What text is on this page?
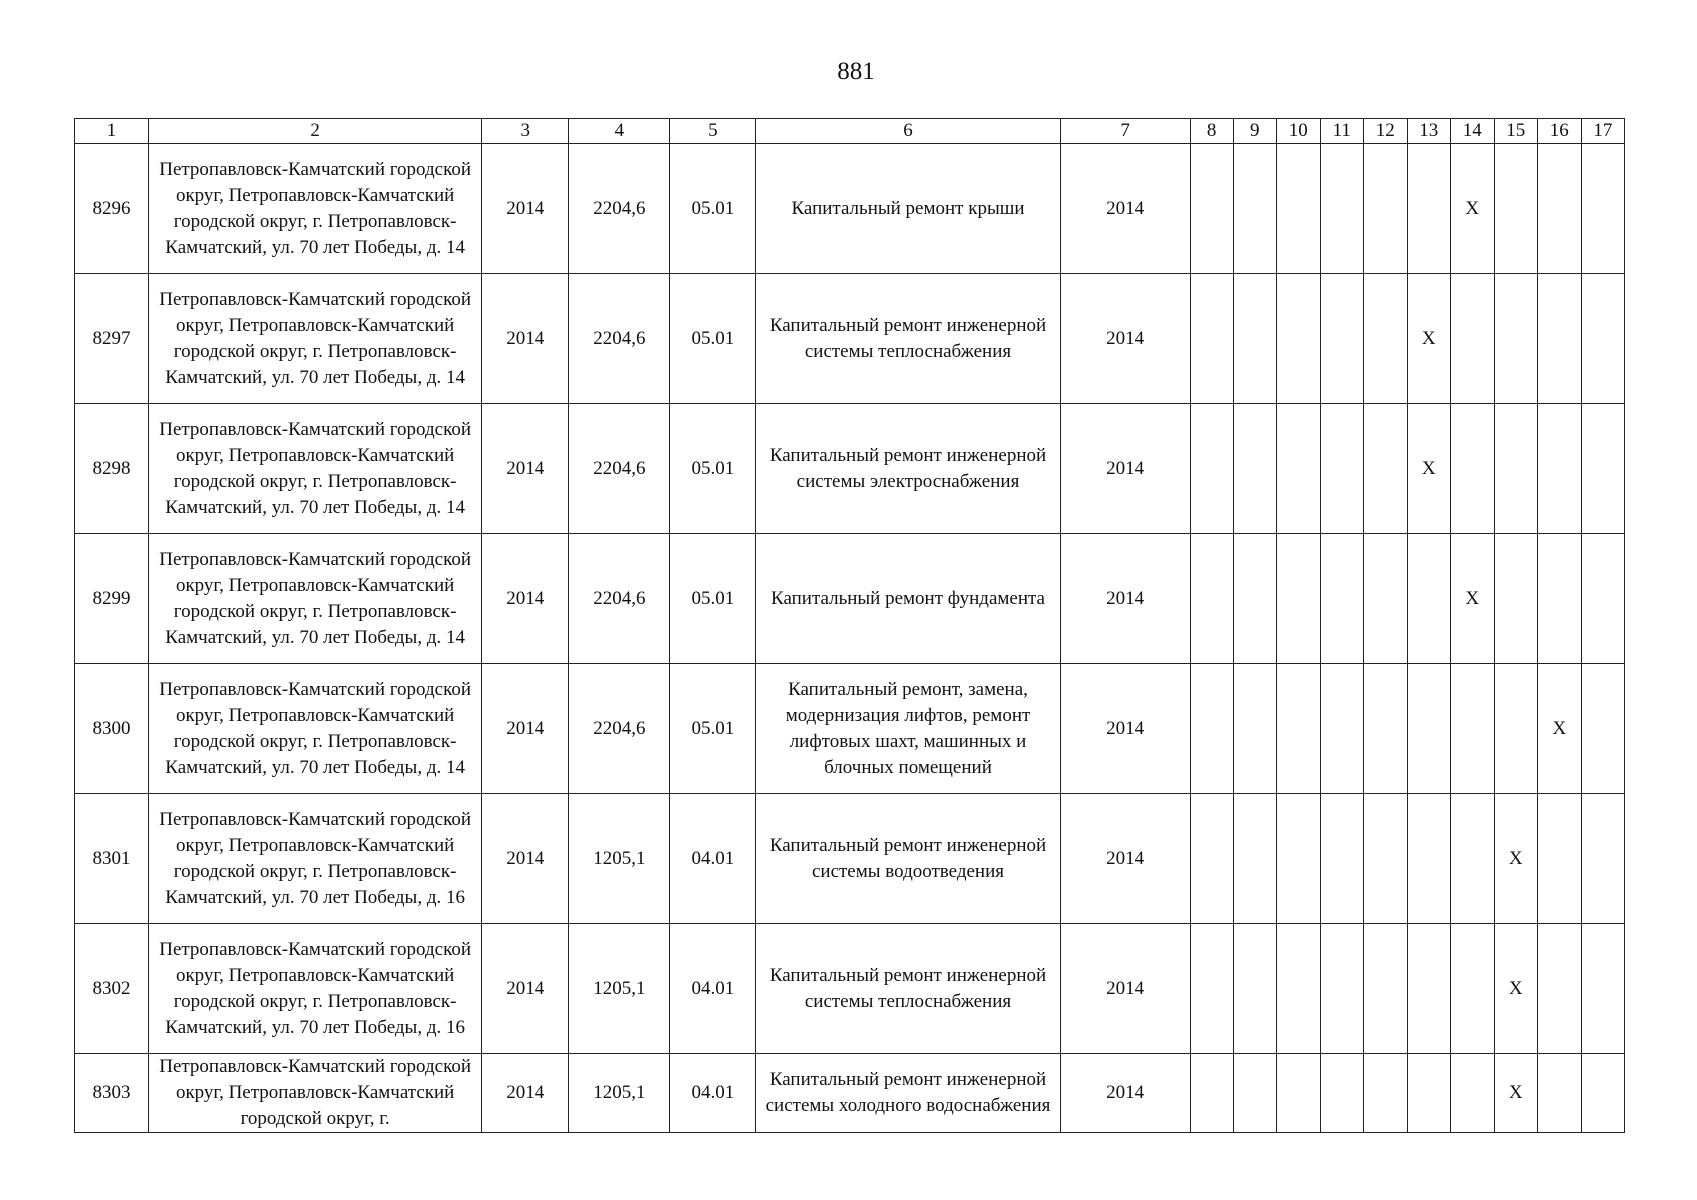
881
1	2	3	4	5	6	7	8	9	10	11	12	13	14	15	16	17
8296	Петропавловск-Камчатский городской округ, Петропавловск-Камчатский городской округ, г. Петропавловск-Камчатский, ул. 70 лет Победы, д. 14	2014	2204,6	05.01	Капитальный ремонт крыши	2014							X			
8297	Петропавловск-Камчатский городской округ, Петропавловск-Камчатский городской округ, г. Петропавловск-Камчатский, ул. 70 лет Победы, д. 14	2014	2204,6	05.01	Капитальный ремонт инженерной системы теплоснабжения	2014						X				
8298	Петропавловск-Камчатский городской округ, Петропавловск-Камчатский городской округ, г. Петропавловск-Камчатский, ул. 70 лет Победы, д. 14	2014	2204,6	05.01	Капитальный ремонт инженерной системы электроснабжения	2014						X				
8299	Петропавловск-Камчатский городской округ, Петропавловск-Камчатский городской округ, г. Петропавловск-Камчатский, ул. 70 лет Победы, д. 14	2014	2204,6	05.01	Капитальный ремонт фундамента	2014							X			
8300	Петропавловск-Камчатский городской округ, Петропавловск-Камчатский городской округ, г. Петропавловск-Камчатский, ул. 70 лет Победы, д. 14	2014	2204,6	05.01	Капитальный ремонт, замена, модернизация лифтов, ремонт лифтовых шахт, машинных и блочных помещений	2014									X	
8301	Петропавловск-Камчатский городской округ, Петропавловск-Камчатский городской округ, г. Петропавловск-Камчатский, ул. 70 лет Победы, д. 16	2014	1205,1	04.01	Капитальный ремонт инженерной системы водоотведения	2014								X		
8302	Петропавловск-Камчатский городской округ, Петропавловск-Камчатский городской округ, г. Петропавловск-Камчатский, ул. 70 лет Победы, д. 16	2014	1205,1	04.01	Капитальный ремонт инженерной системы теплоснабжения	2014								X		
8303	Петропавловск-Камчатский городской округ, Петропавловск-Камчатский городской округ, г.	2014	1205,1	04.01	Капитальный ремонт инженерной системы холодного водоснабжения	2014								X		
